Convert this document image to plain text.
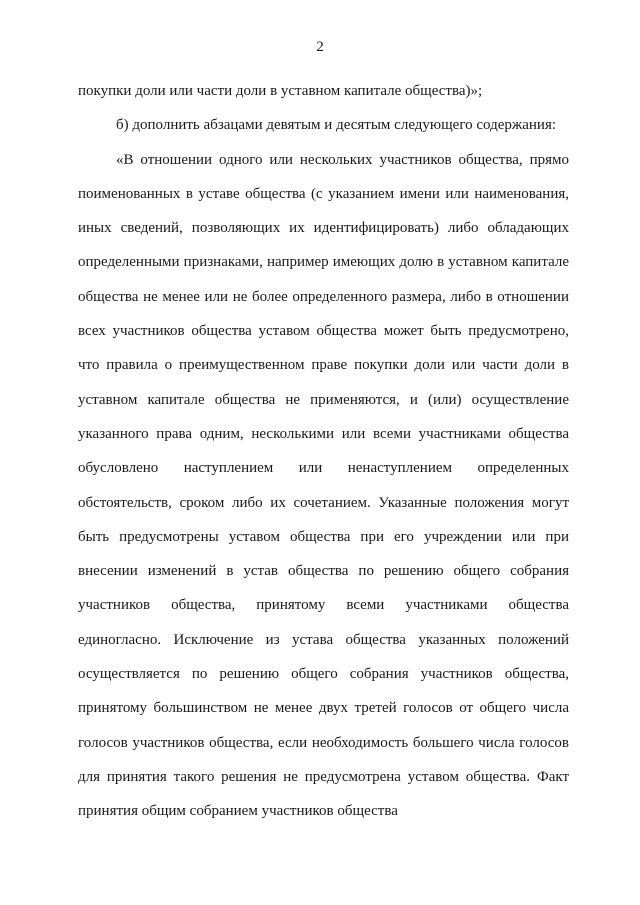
2

покупки доли или части доли в уставном капитале общества)»;

б) дополнить абзацами девятым и десятым следующего содержания:

«В отношении одного или нескольких участников общества, прямо поименованных в уставе общества (с указанием имени или наименования, иных сведений, позволяющих их идентифицировать) либо обладающих определенными признаками, например имеющих долю в уставном капитале общества не менее или не более определенного размера, либо в отношении всех участников общества уставом общества может быть предусмотрено, что правила о преимущественном праве покупки доли или части доли в уставном капитале общества не применяются, и (или) осуществление указанного права одним, несколькими или всеми участниками общества обусловлено наступлением или ненаступлением определенных обстоятельств, сроком либо их сочетанием. Указанные положения могут быть предусмотрены уставом общества при его учреждении или при внесении изменений в устав общества по решению общего собрания участников общества, принятому всеми участниками общества единогласно. Исключение из устава общества указанных положений осуществляется по решению общего собрания участников общества, принятому большинством не менее двух третей голосов от общего числа голосов участников общества, если необходимость большего числа голосов для принятия такого решения не предусмотрена уставом общества. Факт принятия общим собранием участников общества
